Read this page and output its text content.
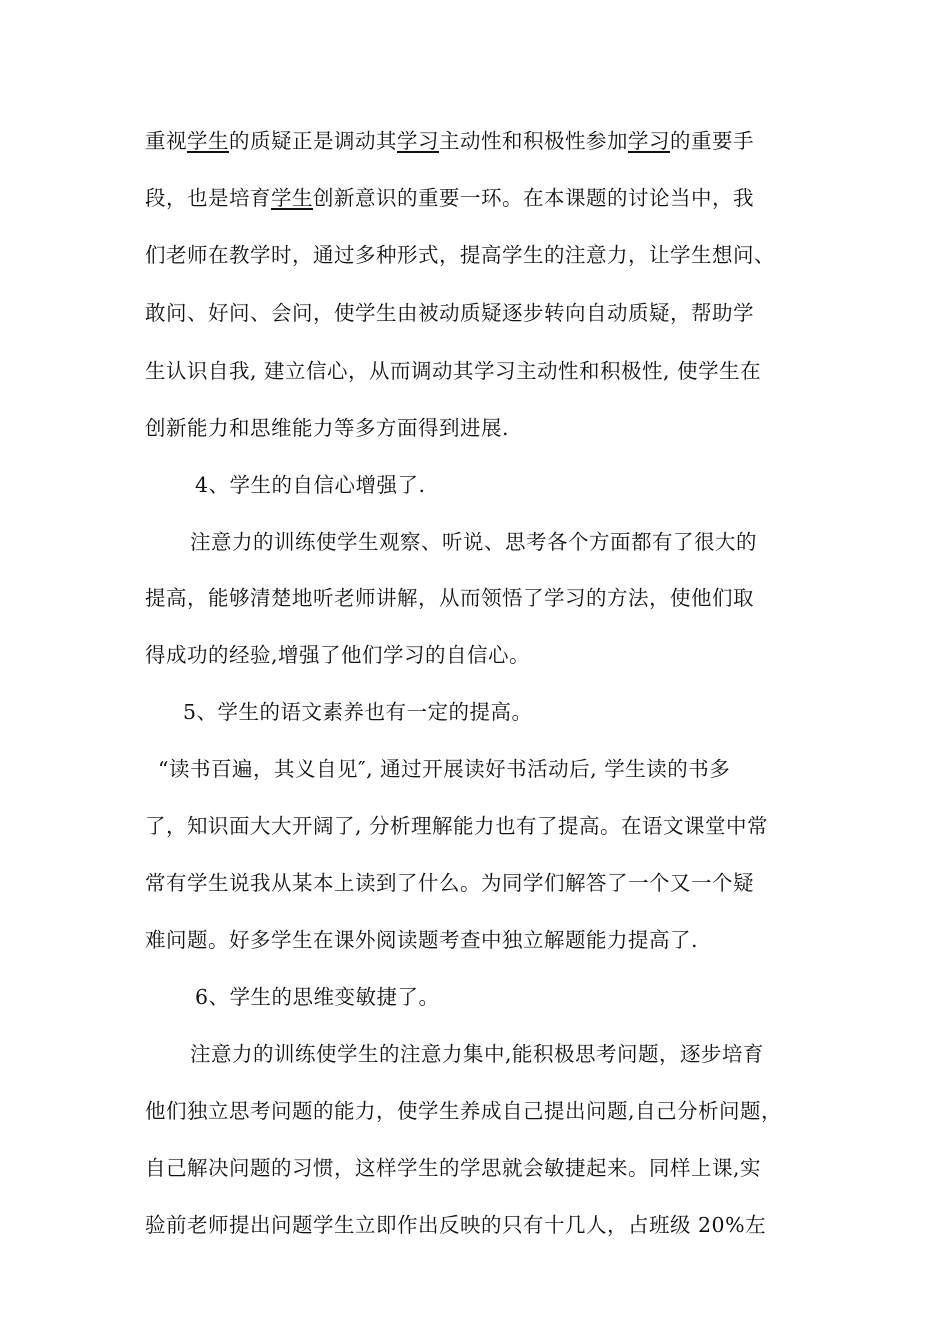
重视学生的质疑正是调动其学习主动性和积极性参加学习的重要手
段，也是培育学生创新意识的重要一环。在本课题的讨论当中，我
们老师在教学时，通过多种形式，提高学生的注意力，让学生想问、
敢问、好问、会问，使学生由被动质疑逐步转向自动质疑，帮助学
生认识自我, 建立信心，从而调动其学习主动性和积极性, 使学生在
创新能力和思维能力等多方面得到进展.
4、学生的自信心增强了.
注意力的训练使学生观察、听说、思考各个方面都有了很大的
提高，能够清楚地听老师讲解，从而领悟了学习的方法，使他们取
得成功的经验,增强了他们学习的自信心。
5、学生的语文素养也有一定的提高。
“读书百遍，其义自见″, 通过开展读好书活动后, 学生读的书多
了，知识面大大开阔了, 分析理解能力也有了提高。在语文课堂中常
常有学生说我从某本上读到了什么。为同学们解答了一个又一个疑
难问题。好多学生在课外阅读题考查中独立解题能力提高了.
6、学生的思维变敏捷了。
注意力的训练使学生的注意力集中,能积极思考问题，逐步培育
他们独立思考问题的能力，使学生养成自己提出问题,自己分析问题，
自己解决问题的习惯，这样学生的学思就会敏捷起来。同样上课,实
验前老师提出问题学生立即作出反映的只有十几人，占班级 20%左
